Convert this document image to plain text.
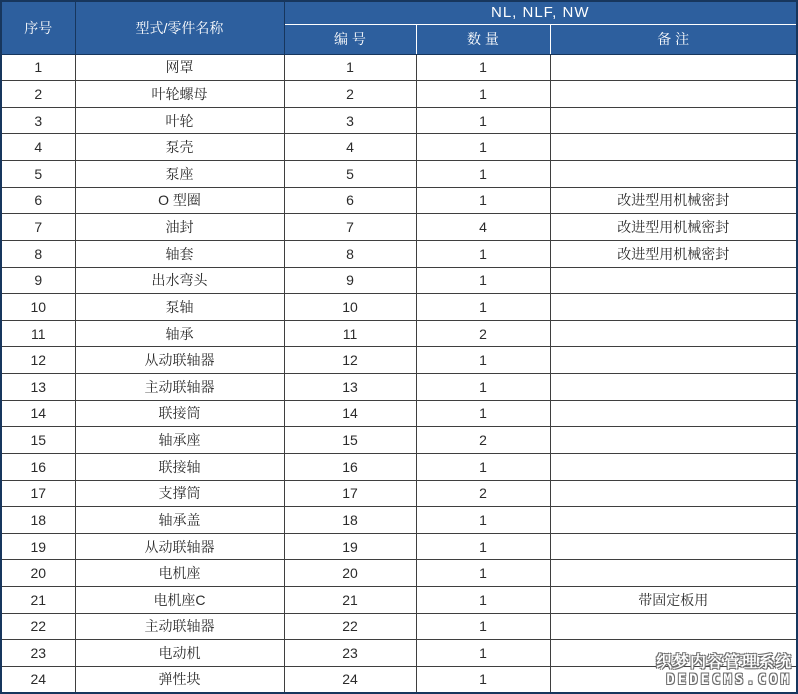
序号	型式/零件名称	NL, NLF, NW		
		编 号	数 量	备 注
1	网罩	1	1	
2	叶轮螺母	2	1	
3	叶轮	3	1	
4	泵壳	4	1	
5	泵座	5	1	
6	O 型圈	6	1	改进型用机械密封
7	油封	7	4	改进型用机械密封
8	轴套	8	1	改进型用机械密封
9	出水弯头	9	1	
10	泵轴	10	1	
11	轴承	11	2	
12	从动联轴器	12	1	
13	主动联轴器	13	1	
14	联接筒	14	1	
15	轴承座	15	2	
16	联接轴	16	1	
17	支撑筒	17	2	
18	轴承盖	18	1	
19	从动联轴器	19	1	
20	电机座	20	1	
21	电机座C	21	1	带固定板用
22	主动联轴器	22	1	
23	电动机	23	1	
24	弹性块	24	1	
织梦内容管理系统
DEDECMS.COM
